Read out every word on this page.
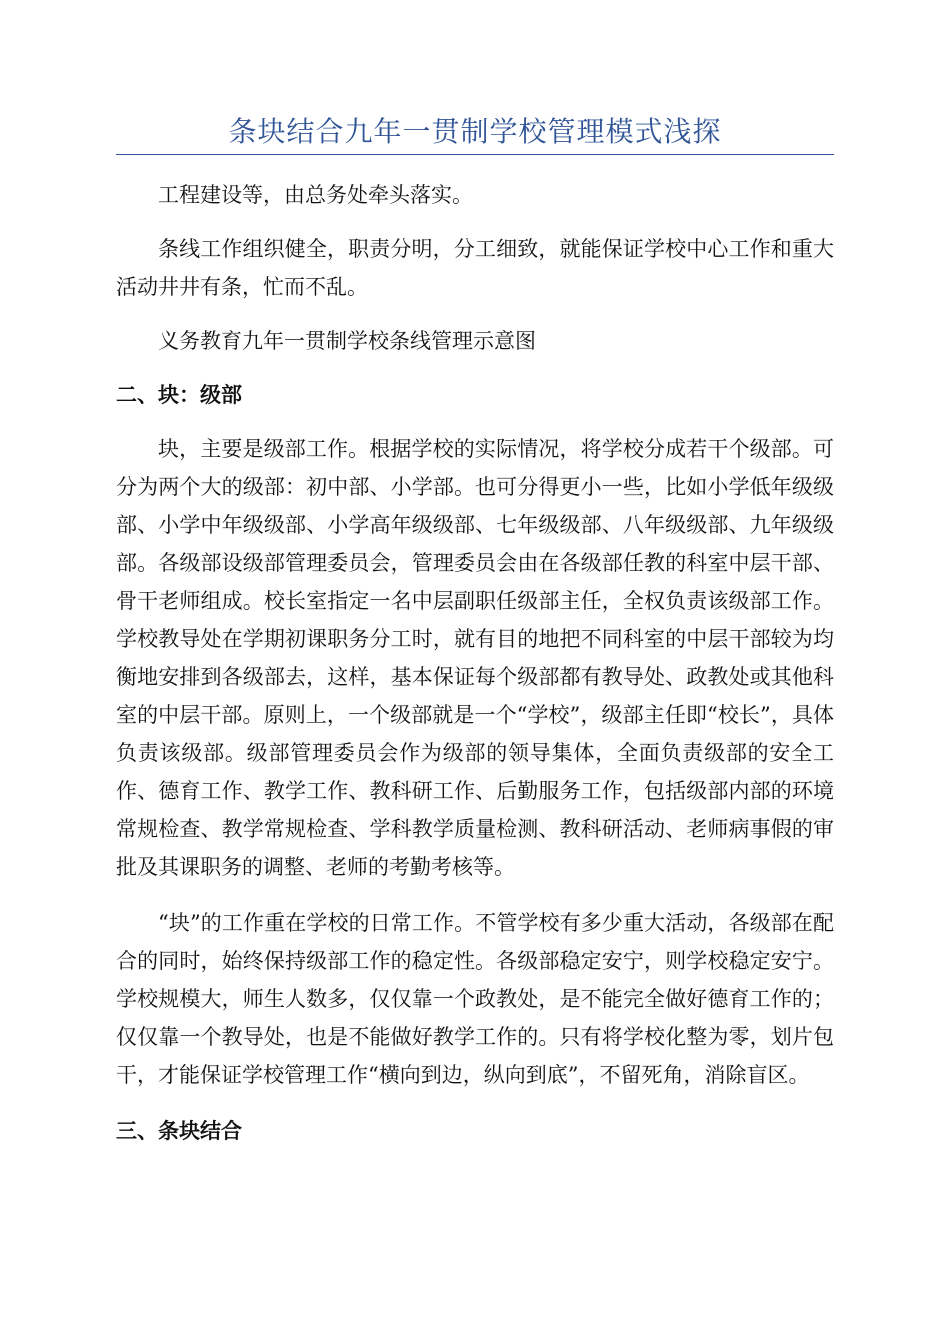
条块结合九年一贯制学校管理模式浅探

工程建设等，由总务处牵头落实。

条线工作组织健全，职责分明，分工细致，就能保证学校中心工作和重大活动井井有条，忙而不乱。

义务教育九年一贯制学校条线管理示意图

二、块：级部

块，主要是级部工作。根据学校的实际情况，将学校分成若干个级部。可分为两个大的级部：初中部、小学部。也可分得更小一些，比如小学低年级级部、小学中年级级部、小学高年级级部、七年级级部、八年级级部、九年级级部。各级部设级部管理委员会，管理委员会由在各级部任教的科室中层干部、骨干老师组成。校长室指定一名中层副职任级部主任，全权负责该级部工作。学校教导处在学期初课职务分工时，就有目的地把不同科室的中层干部较为均衡地安排到各级部去，这样，基本保证每个级部都有教导处、政教处或其他科室的中层干部。原则上，一个级部就是一个“学校”，级部主任即“校长”，具体负责该级部。级部管理委员会作为级部的领导集体，全面负责级部的安全工作、德育工作、教学工作、教科研工作、后勤服务工作，包括级部内部的环境常规检查、教学常规检查、学科教学质量检测、教科研活动、老师病事假的审批及其课职务的调整、老师的考勤考核等。

“块”的工作重在学校的日常工作。不管学校有多少重大活动，各级部在配合的同时，始终保持级部工作的稳定性。各级部稳定安宁，则学校稳定安宁。学校规模大，师生人数多，仅仅靠一个政教处，是不能完全做好德育工作的；仅仅靠一个教导处，也是不能做好教学工作的。只有将学校化整为零，划片包干，才能保证学校管理工作“横向到边，纵向到底”，不留死角，消除盲区。

三、条块结合
